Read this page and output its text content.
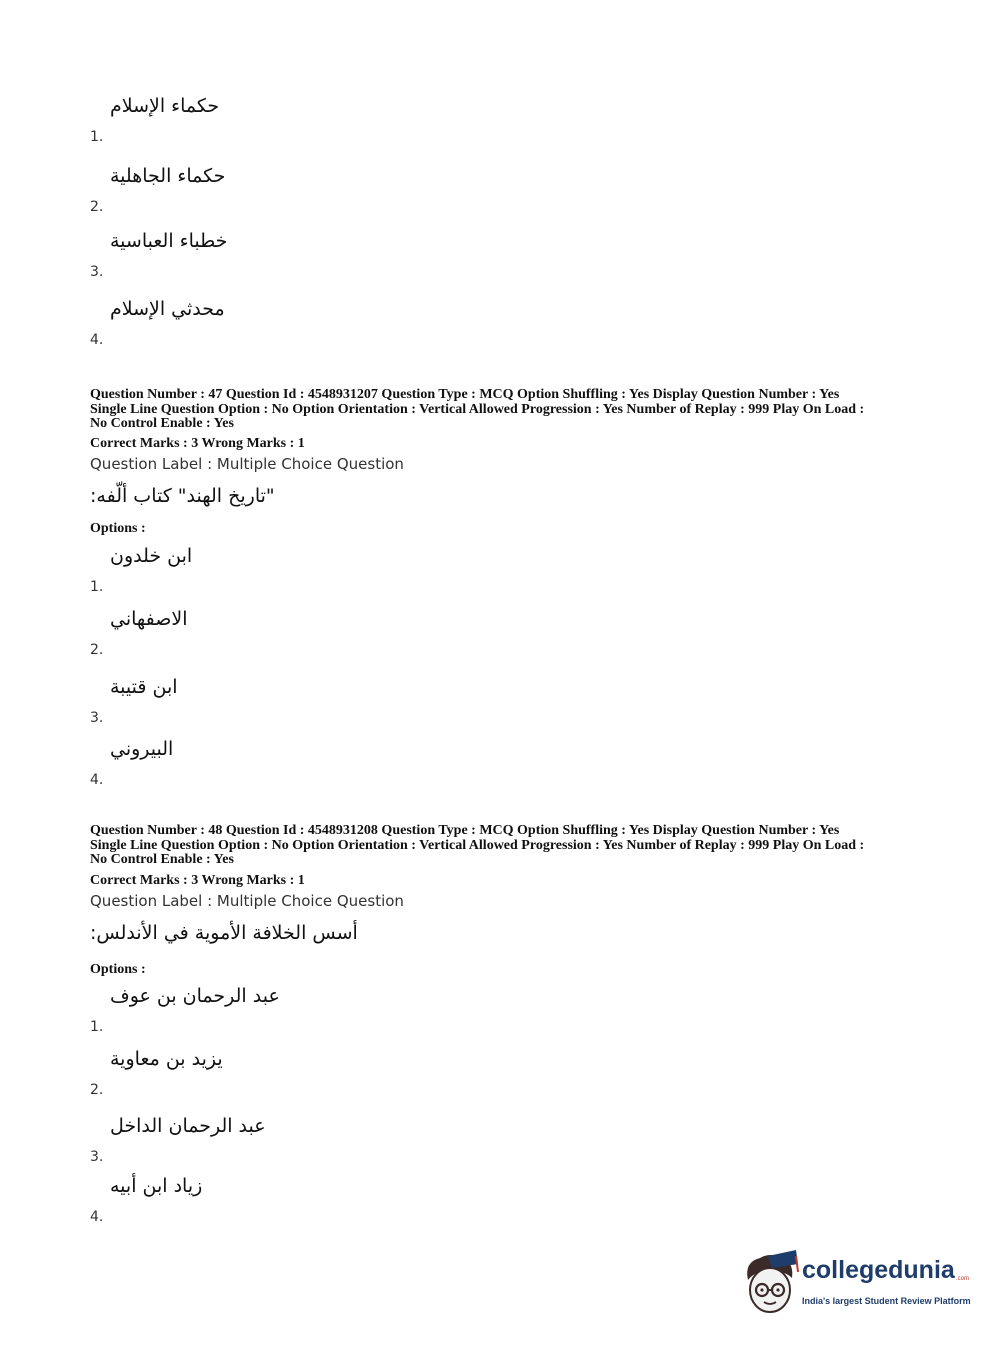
حكماء الإسلام
1.
حكماء الجاهلية
2.
خطباء العباسية
3.
محدثي الإسلام
4.
Question Number : 47 Question Id : 4548931207 Question Type : MCQ Option Shuffling : Yes Display Question Number : Yes
Single Line Question Option : No Option Orientation : Vertical Allowed Progression : Yes Number of Replay : 999 Play On Load :
No Control Enable : Yes
Correct Marks : 3 Wrong Marks : 1
Question Label : Multiple Choice Question
"تاريخ الهند" كتاب ألّفه:
Options :
ابن خلدون
1.
الاصفهاني
2.
ابن قتيبة
3.
البيروني
4.
Question Number : 48 Question Id : 4548931208 Question Type : MCQ Option Shuffling : Yes Display Question Number : Yes
Single Line Question Option : No Option Orientation : Vertical Allowed Progression : Yes Number of Replay : 999 Play On Load :
No Control Enable : Yes
Correct Marks : 3 Wrong Marks : 1
Question Label : Multiple Choice Question
أسس الخلافة الأموية في الأندلس:
Options :
عبد الرحمان بن عوف
1.
يزيد بن معاوية
2.
عبد الرحمان الداخل
3.
زياد ابن أبيه
4.
collegedunia .com
India's largest Student Review Platform
